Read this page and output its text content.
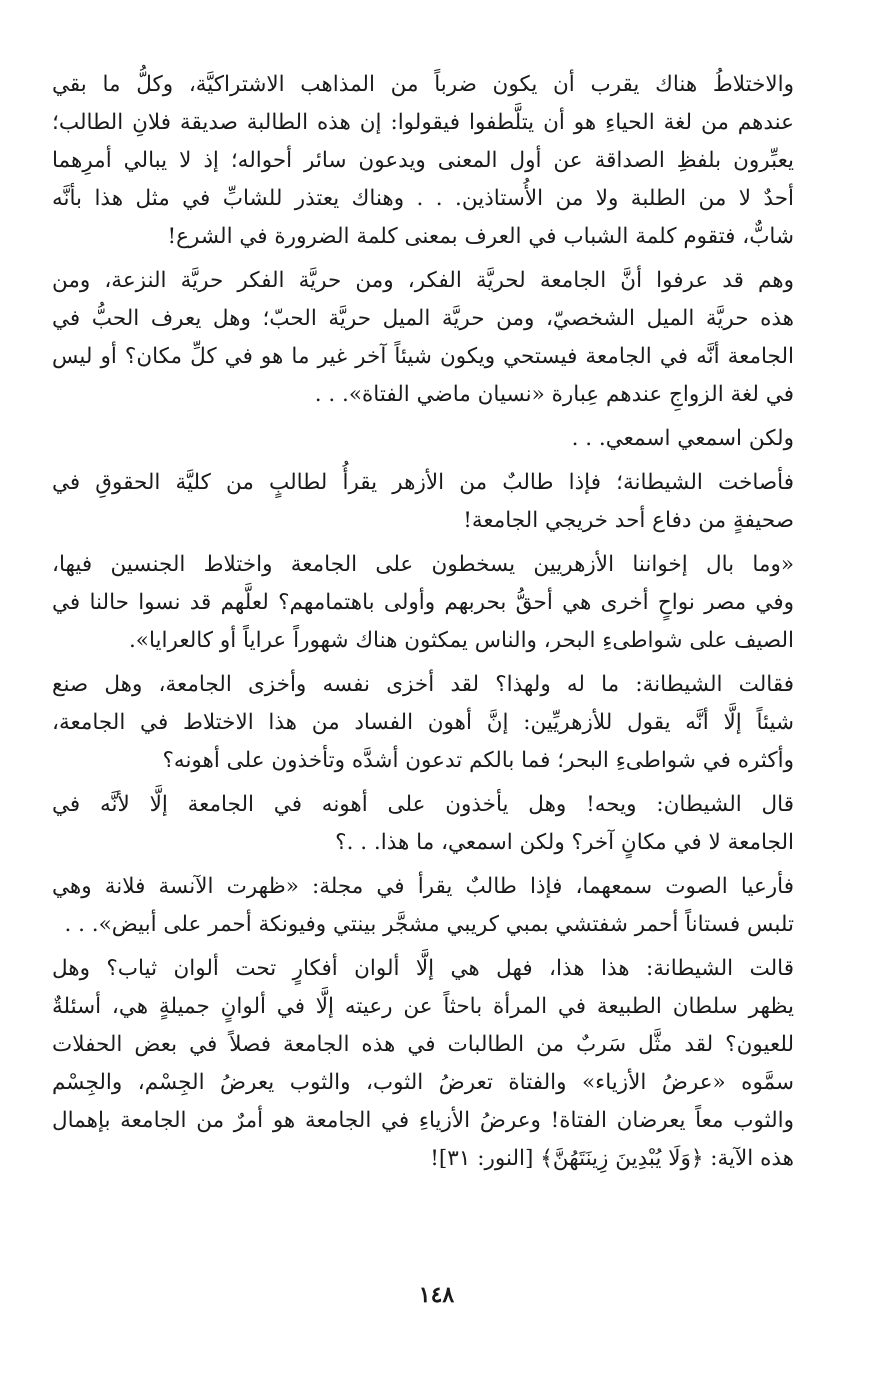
والاختلاطُ هناك يقرب أن يكون ضرباً من المذاهب الاشتراكيَّة، وكلُّ ما بقي
عندهم من لغة الحياءِ هو أن يتلَّطفوا فيقولوا: إن هذه الطالبة صديقة فلانِ الطالب؛
يعبِّرون بلفظِ الصداقة عن أول المعنى ويدعون سائر أحواله؛ إذ لا يبالي أمرِهما
أحدٌ لا من الطلبة ولا من الأُستاذين. . . وهناك يعتذر للشابِّ في مثل هذا بأنَّه
شابٌّ، فتقوم كلمة الشباب في العرف بمعنى كلمة الضرورة في الشرع!
وهم قد عرفوا أنَّ الجامعة لحريَّة الفكر، ومن حريَّة الفكر حريَّة النزعة، ومن
هذه حريَّة الميل الشخصيّ، ومن حريَّة الميل حريَّة الحبّ؛ وهل يعرف الحبُّ في
الجامعة أنَّه في الجامعة فيستحي ويكون شيئاً آخر غير ما هو في كلِّ مكان؟ أو ليس
في لغة الزواجِ عندهم عِبارة «نسيان ماضي الفتاة». . .
ولكن اسمعي اسمعي. . .
فأصاخت الشيطانة؛ فإذا طالبٌ من الأزهر يقرأُ لطالبٍ من كليَّة الحقوقِ في
صحيفةٍ من دفاع أحد خريجي الجامعة!
«وما بال إخواننا الأزهريين يسخطون على الجامعة واختلاط الجنسين فيها،
وفي مصر نواحٍ أخرى هي أحقُّ بحربهم وأولى باهتمامهم؟ لعلَّهم قد نسوا حالنا في
الصيف على شواطىءِ البحر، والناس يمكثون هناك شهوراً عراياً أو كالعرايا».
فقالت الشيطانة: ما له ولهذا؟ لقد أخزى نفسه وأخزى الجامعة، وهل صنع
شيئاً إلَّا أنَّه يقول للأزهريِّين: إنَّ أهون الفساد من هذا الاختلاط في الجامعة،
وأكثره في شواطىءِ البحر؛ فما بالكم تدعون أشدَّه وتأخذون على أهونه؟
قال الشيطان: ويحه! وهل يأخذون على أهونه في الجامعة إلَّا لأنَّه في
الجامعة لا في مكانٍ آخر؟ ولكن اسمعي، ما هذا. . .؟
فأرعيا الصوت سمعهما، فإذا طالبٌ يقرأ في مجلة: «ظهرت الآنسة فلانة وهي
تلبس فستاناً أحمر شفتشي بمبي كريبي مشجَّر بينتي وفيونكة أحمر على أبيض». . .
قالت الشيطانة: هذا هذا، فهل هي إلَّا ألوان أفكارٍ تحت ألوان ثياب؟ وهل
يظهر سلطان الطبيعة في المرأة باحثاً عن رعيته إلَّا في ألوانٍ جميلةٍ هي، أسئلةٌ
للعيون؟ لقد مثَّل سَربٌ من الطالبات في هذه الجامعة فصلاً في بعض الحفلات
سمَّوه «عرضُ الأزياء» والفتاة تعرضُ الثوب، والثوب يعرضُ الجِسْم، والجِسْم
والثوب معاً يعرضان الفتاة! وعرضُ الأزياءِ في الجامعة هو أمرٌ من الجامعة بإهمال
هذه الآية: ﴿وَلَا يُبْدِينَ زِينَتَهُنَّ﴾ [النور: ٣١]!
١٤٨
